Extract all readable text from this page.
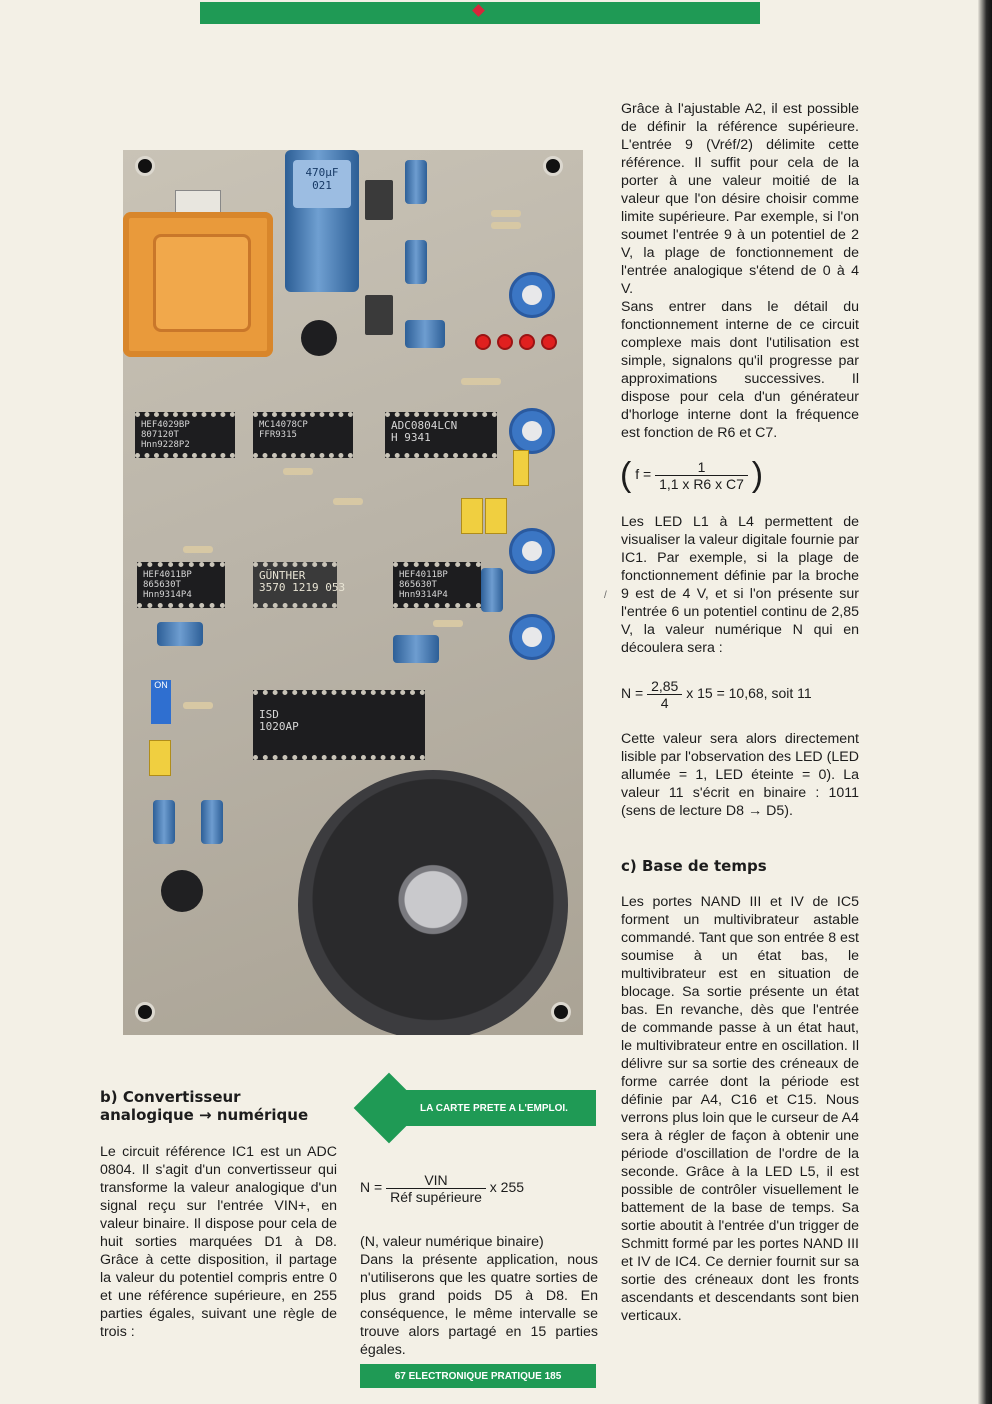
470µF 021
HEF4029BP
807120T
Hnn9228P2
MC14078CP
FFR9315
ADC0804LCN
H 9341
HEF4011BP
865630T
Hnn9314P4
GÜNTHER
3570 1219 053
HEF4011BP
865630T
Hnn9314P4
ISD
1020AP
ON

Grâce à l'ajustable A2, il est possible de définir la référence supérieure. L'entrée 9 (Vréf/2) délimite cette référence. Il suffit pour cela de la porter à une valeur moitié de la valeur que l'on désire choisir comme limite supérieure. Par exemple, si l'on soumet l'entrée 9 à un potentiel de 2 V, la plage de fonctionnement de l'entrée analogique s'étend de 0 à 4 V.

Sans entrer dans le détail du fonctionnement interne de ce circuit complexe mais dont l'utilisation est simple, signalons qu'il progresse par approximations successives. Il dispose pour cela d'un générateur d'horloge interne dont la fréquence est fonction de R6 et C7.

( $f = \frac{1}{\text{1,1 x R6 x C7}}$ )

Les LED L1 à L4 permettent de visualiser la valeur digitale fournie par IC1. Par exemple, si la plage de fonctionnement définie par la broche 9 est de 4 V, et si l'on présente sur l'entrée 6 un potentiel continu de 2,85 V, la valeur numérique N qui en découlera sera :

$N = \frac{2,85}{4}$ x 15 = 10,68, soit 11

Cette valeur sera alors directement lisible par l'observation des LED (LED allumée = 1, LED éteinte = 0). La valeur 11 s'écrit en binaire : 1011 (sens de lecture D8 → D5).

c) Base de temps

Les portes NAND III et IV de IC5 forment un multivibrateur astable commandé. Tant que son entrée 8 est soumise à un état bas, le multivibrateur est en situation de blocage. Sa sortie présente un état bas. En revanche, dès que l'entrée de commande passe à un état haut, le multivibrateur entre en oscillation. Il délivre sur sa sortie des créneaux de forme carrée dont la période est définie par A4, C16 et C15. Nous verrons plus loin que le curseur de A4 sera à régler de façon à obtenir une période d'oscillation de l'ordre de la seconde. Grâce à la LED L5, il est possible de contrôler visuellement le battement de la base de temps. Sa sortie aboutit à l'entrée d'un trigger de Schmitt formé par les portes NAND III et IV de IC4. Ce dernier fournit sur sa sortie des créneaux dont les fronts ascendants et descendants sont bien verticaux.

/
b) Convertisseur analogique → numérique

Le circuit référence IC1 est un ADC 0804. Il s'agit d'un convertisseur qui transforme la valeur analogique d'un signal reçu sur l'entrée VIN+, en valeur binaire. Il dispose pour cela de huit sorties marquées D1 à D8. Grâce à cette disposition, il partage la valeur du potentiel compris entre 0 et une référence supérieure, en 255 parties égales, suivant une règle de trois :

LA CARTE PRETE A L'EMPLOI.
$N = \frac{\text{VIN}}{\text{Réf supérieure}}$ x 255

(N, valeur numérique binaire)

Dans la présente application, nous n'utiliserons que les quatre sorties de plus grand poids D5 à D8. En conséquence, le même intervalle se trouve alors partagé en 15 parties égales.

67 ELECTRONIQUE PRATIQUE 185
